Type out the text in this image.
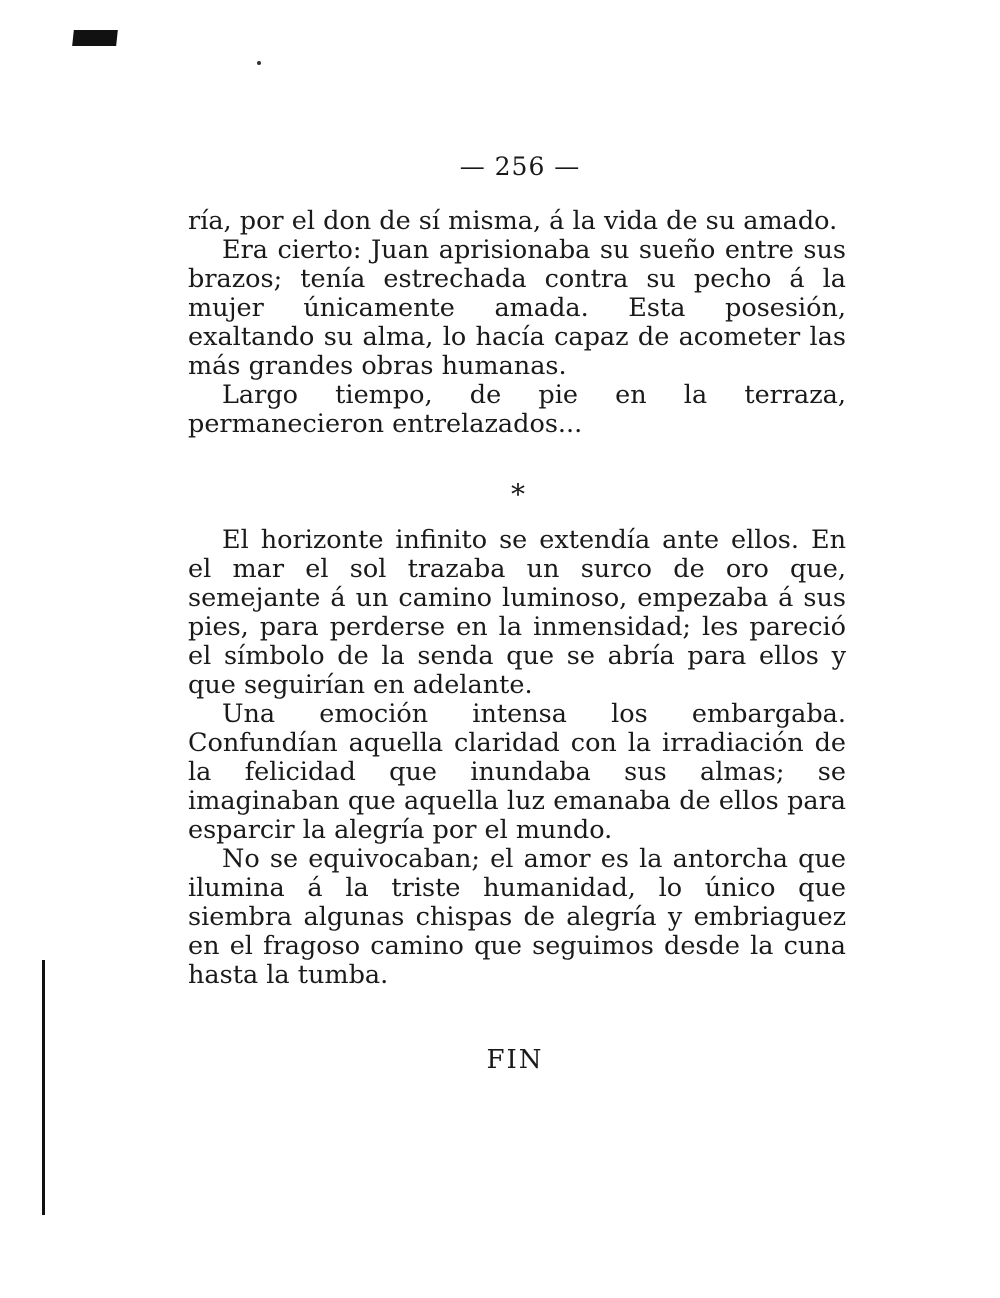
— 256 —

ría, por el don de sí misma, á la vida de su amado.

Era cierto: Juan aprisionaba su sueño entre sus brazos; tenía estrechada contra su pecho á la mujer únicamente amada. Esta posesión, exaltando su alma, lo hacía capaz de acometer las más grandes obras humanas.

Largo tiempo, de pie en la terraza, permanecieron entrelazados...

*

El horizonte infinito se extendía ante ellos. En el mar el sol trazaba un surco de oro que, semejante á un camino luminoso, empezaba á sus pies, para perderse en la inmensidad; les pareció el símbolo de la senda que se abría para ellos y que seguirían en adelante.

Una emoción intensa los embargaba. Confundían aquella claridad con la irradiación de la felicidad que inundaba sus almas; se imaginaban que aquella luz emanaba de ellos para esparcir la alegría por el mundo.

No se equivocaban; el amor es la antorcha que ilumina á la triste humanidad, lo único que siembra algunas chispas de alegría y embriaguez en el fragoso camino que seguimos desde la cuna hasta la tumba.

FIN
